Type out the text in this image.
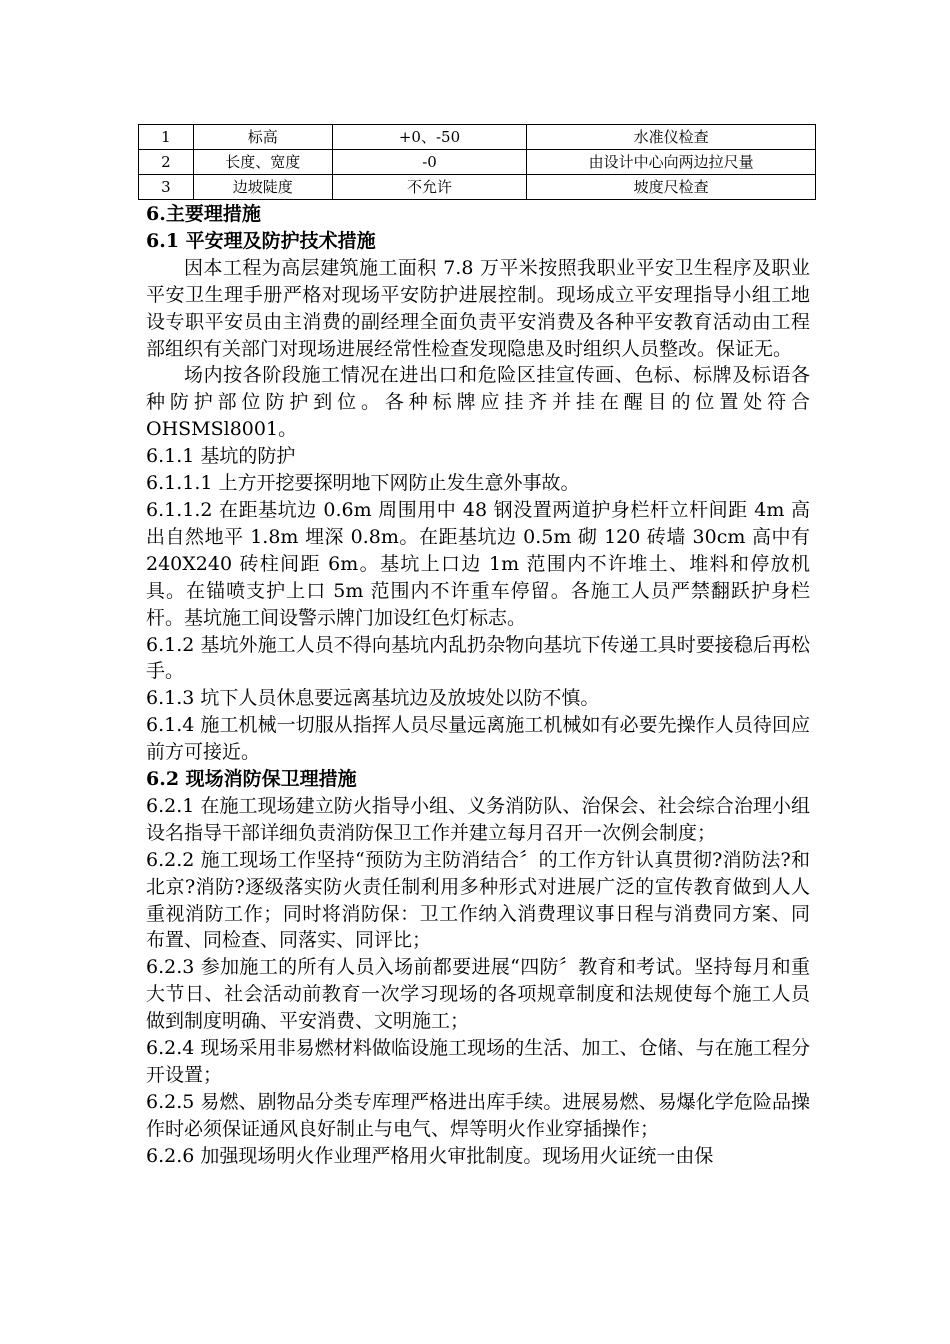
1	标高	+0、-50	水准仪检查
2	长度、宽度	-0	由设计中心向两边拉尺量
3	边坡陡度	不允许	坡度尺检查
6.主要理措施
6.1 平安理及防护技术措施

因本工程为高层建筑施工面积 7.8 万平米按照我职业平安卫生程序及职业平安卫生理手册严格对现场平安防护进展控制。现场成立平安理指导小组工地设专职平安员由主消费的副经理全面负责平安消费及各种平安教育活动由工程部组织有关部门对现场进展经常性检查发现隐患及时组织人员整改。保证无。

场内按各阶段施工情况在进出口和危险区挂宣传画、色标、标牌及标语各种防护部位防护到位。各种标牌应挂齐并挂在醒目的位置处符合 OHSMSl8001。

6.1.1 基坑的防护

6.1.1.1 上方开挖要探明地下网防止发生意外事故。

6.1.1.2 在距基坑边 0.6m 周围用中 48 钢没置两道护身栏杆立杆间距 4m 高出自然地平 1.8m 埋深 0.8m。在距基坑边 0.5m 砌 120 砖墙 30cm 高中有 240X240 砖柱间距 6m。基坑上口边 1m 范围内不许堆土、堆料和停放机具。在锚喷支护上口 5m 范围内不许重车停留。各施工人员严禁翻跃护身栏杆。基坑施工间设警示牌门加设红色灯标志。

6.1.2 基坑外施工人员不得向基坑内乱扔杂物向基坑下传递工具时要接稳后再松手。

6.1.3 坑下人员休息要远离基坑边及放坡处以防不慎。

6.1.4 施工机械一切服从指挥人员尽量远离施工机械如有必要先操作人员待回应前方可接近。

6.2 现场消防保卫理措施

6.2.1 在施工现场建立防火指导小组、义务消防队、治保会、社会综合治理小组设名指导干部详细负责消防保卫工作并建立每月召开一次例会制度；

6.2.2 施工现场工作坚持“预防为主防消结合〞的工作方针认真贯彻?消防法?和北京?消防?逐级落实防火责任制利用多种形式对进展广泛的宣传教育做到人人重视消防工作；同时将消防保：卫工作纳入消费理议事日程与消费同方案、同布置、同检查、同落实、同评比；

6.2.3 参加施工的所有人员入场前都要进展“四防〞教育和考试。坚持每月和重大节日、社会活动前教育一次学习现场的各项规章制度和法规使每个施工人员做到制度明确、平安消费、文明施工；

6.2.4 现场采用非易燃材料做临设施工现场的生活、加工、仓储、与在施工程分开设置；

6.2.5 易燃、剧物品分类专库理严格进出库手续。进展易燃、易爆化学危险品操作时必须保证通风良好制止与电气、焊等明火作业穿插操作；

6.2.6 加强现场明火作业理严格用火审批制度。现场用火证统一由保
